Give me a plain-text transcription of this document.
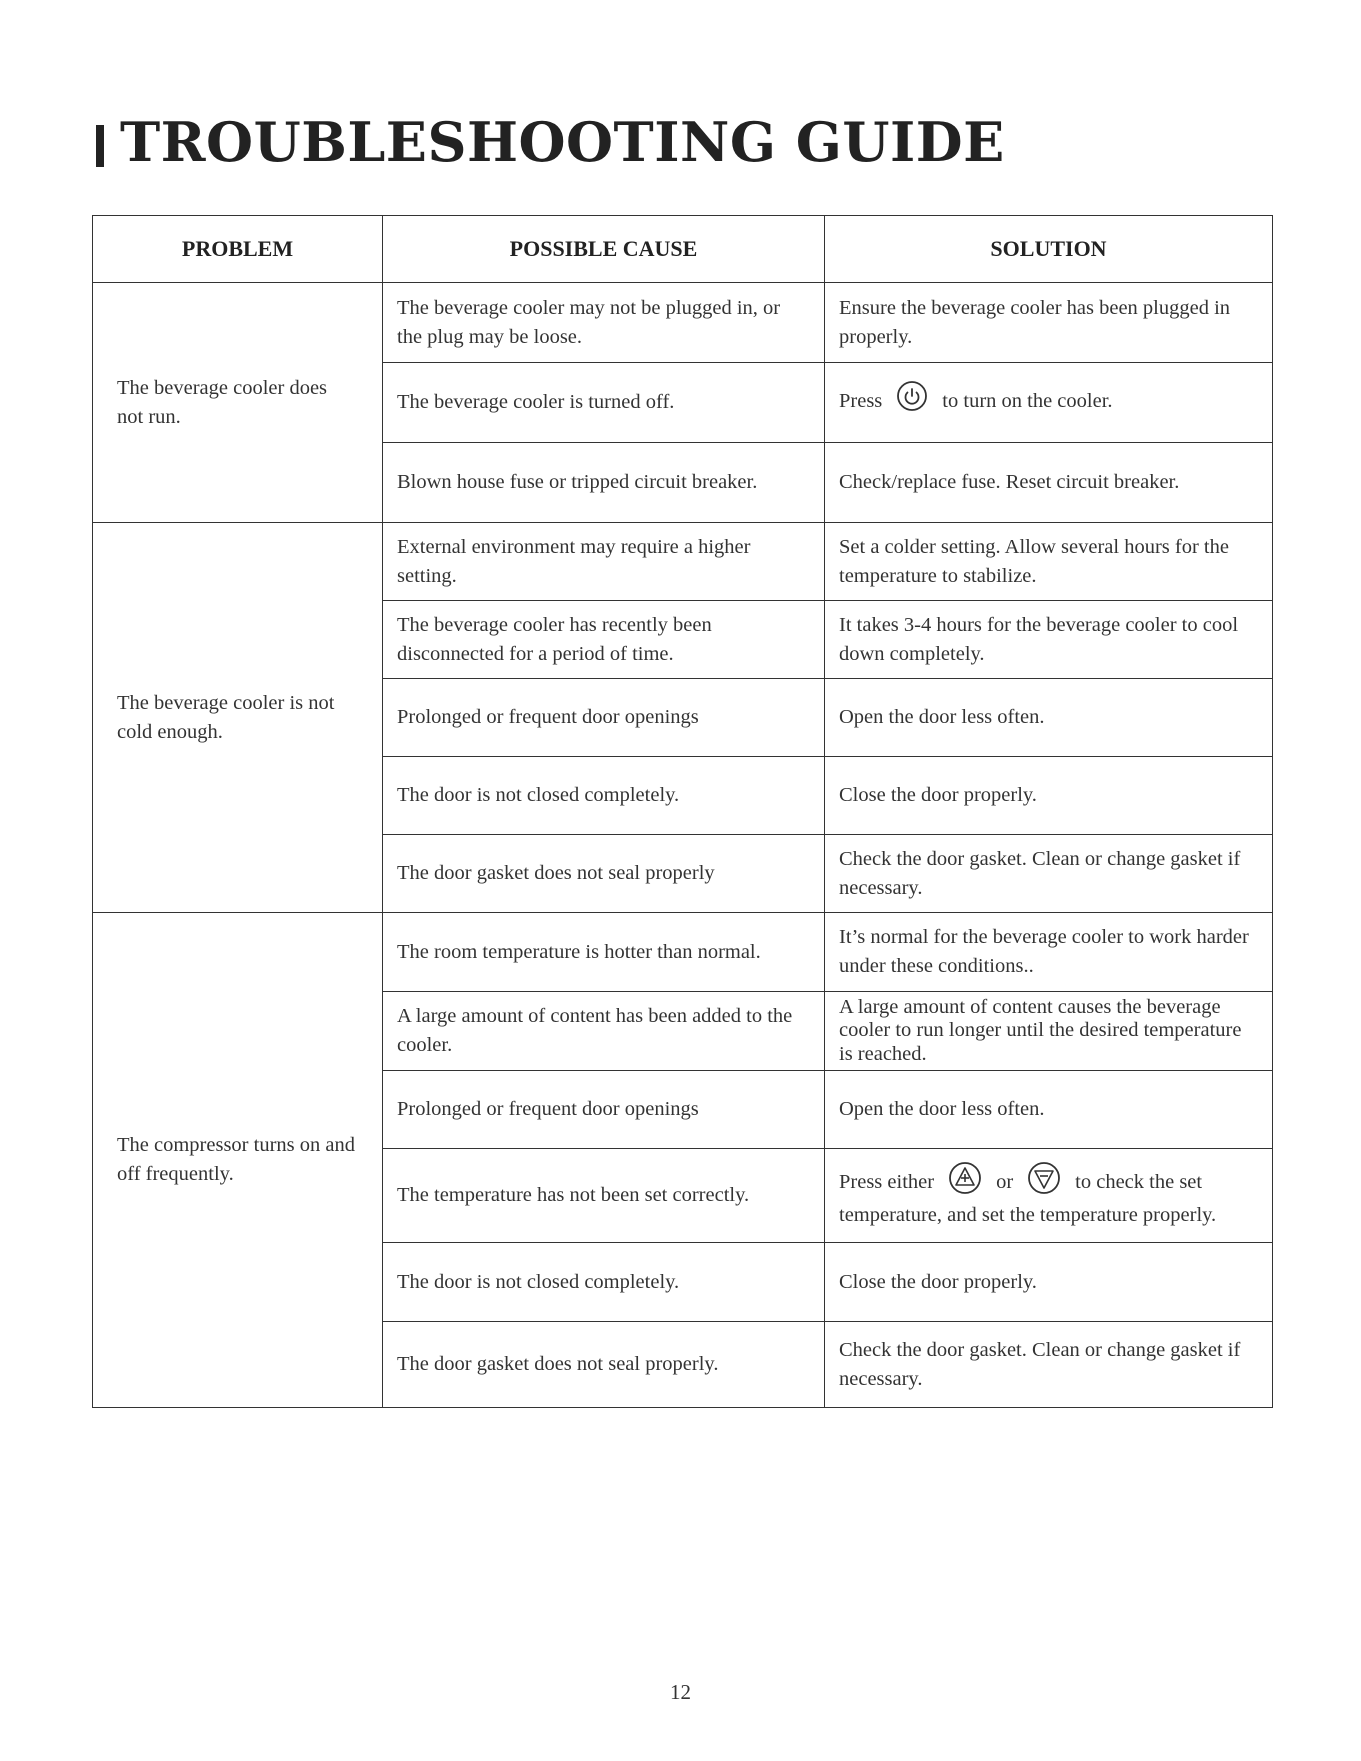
TROUBLESHOOTING GUIDE
PROBLEM	POSSIBLE CAUSE	SOLUTION
The beverage cooler does not run.	The beverage cooler may not be plugged in, or the plug may be loose.	Ensure the beverage cooler has been plugged in properly.
	The beverage cooler is turned off.	Press to turn on the cooler.
	Blown house fuse or tripped circuit breaker.	Check/replace fuse. Reset circuit breaker.
The beverage cooler is not cold enough.	External environment may require a higher setting.	Set a colder setting. Allow several hours for the temperature to stabilize.
	The beverage cooler has recently been disconnected for a period of time.	It takes 3-4 hours for the beverage cooler to cool down completely.
	Prolonged or frequent door openings	Open the door less often.
	The door is not closed completely.	Close the door properly.
	The door gasket does not seal properly	Check the door gasket. Clean or change gasket if necessary.
The compressor turns on and off frequently.	The room temperature is hotter than normal.	It’s normal for the beverage cooler to work harder under these conditions..
	A large amount of content has been added to the cooler.	A large amount of content causes the beverage cooler to run longer until the desired temperature is reached.
	Prolonged or frequent door openings	Open the door less often.
	The temperature has not been set correctly.	Press either or to check the set temperature, and set the temperature properly.
	The door is not closed completely.	Close the door properly.
	The door gasket does not seal properly.	Check the door gasket. Clean or change gasket if necessary.
12
